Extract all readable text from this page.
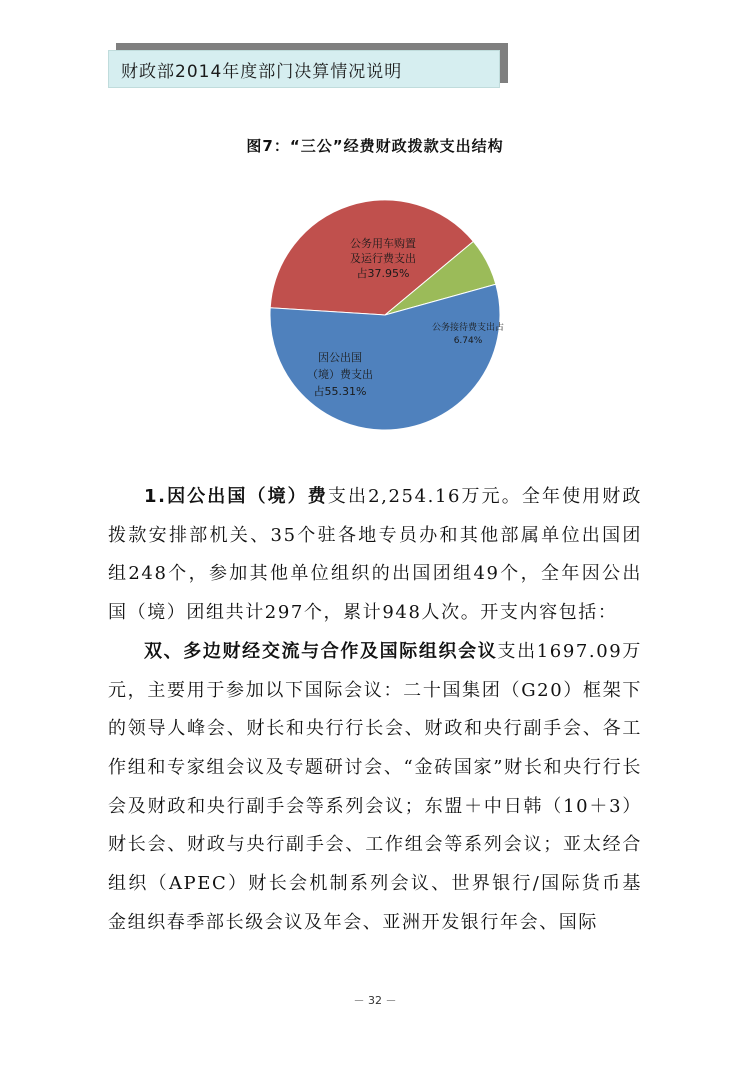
财政部2014年度部门决算情况说明
图7：“三公”经费财政拨款支出结构
公务用车购置及运行费支出占37.95%
公务接待费支出占 6.74%
因公出国（境）费支出占55.31%

1.因公出国（境）费支出2,254.16万元。全年使用财政拨款安排部机关、35个驻各地专员办和其他部属单位出国团组248个，参加其他单位组织的出国团组49个，全年因公出国（境）团组共计297个，累计948人次。开支内容包括：

双、多边财经交流与合作及国际组织会议支出1697.09万元，主要用于参加以下国际会议：二十国集团（G20）框架下的领导人峰会、财长和央行行长会、财政和央行副手会、各工作组和专家组会议及专题研讨会、“金砖国家”财长和央行行长会及财政和央行副手会等系列会议；东盟＋中日韩（10＋3）财长会、财政与央行副手会、工作组会等系列会议；亚太经合组织（APEC）财长会机制系列会议、世界银行/国际货币基金组织春季部长级会议及年会、亚洲开发银行年会、国际

－ 32 －
